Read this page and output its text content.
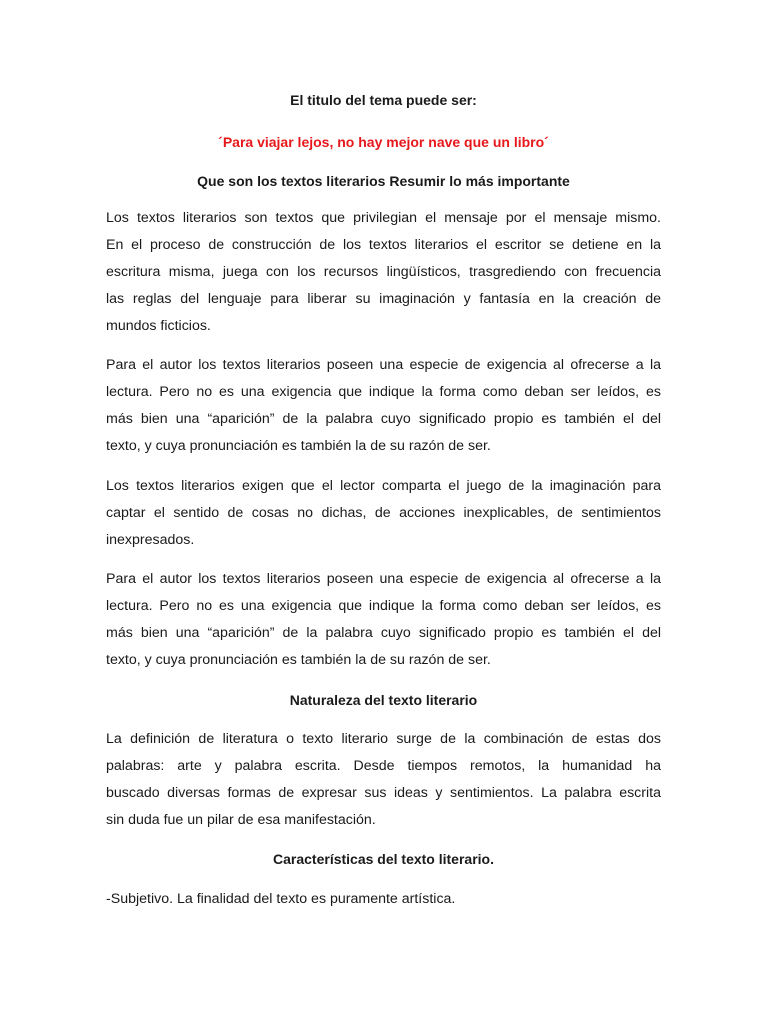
El titulo del tema puede ser:
´Para viajar lejos, no hay mejor nave que un libro´
Que son los textos literarios Resumir lo más importante

Los textos literarios son textos que privilegian el mensaje por el mensaje mismo.
En el proceso de construcción de los textos literarios el escritor se detiene en la
escritura misma, juega con los recursos lingüísticos, trasgrediendo con frecuencia
las reglas del lenguaje para liberar su imaginación y fantasía en la creación de
mundos ficticios.

Para el autor los textos literarios poseen una especie de exigencia al ofrecerse a la
lectura. Pero no es una exigencia que indique la forma como deban ser leídos, es
más bien una “aparición” de la palabra cuyo significado propio es también el del
texto, y cuya pronunciación es también la de su razón de ser.

Los textos literarios exigen que el lector comparta el juego de la imaginación para
captar el sentido de cosas no dichas, de acciones inexplicables, de sentimientos
inexpresados.

Para el autor los textos literarios poseen una especie de exigencia al ofrecerse a la
lectura. Pero no es una exigencia que indique la forma como deban ser leídos, es
más bien una “aparición” de la palabra cuyo significado propio es también el del
texto, y cuya pronunciación es también la de su razón de ser.

Naturaleza del texto literario

La definición de literatura o texto literario surge de la combinación de estas dos
palabras: arte y palabra escrita. Desde tiempos remotos, la humanidad ha
buscado diversas formas de expresar sus ideas y sentimientos. La palabra escrita
sin duda fue un pilar de esa manifestación.

Características del texto literario.

-Subjetivo. La finalidad del texto es puramente artística.
